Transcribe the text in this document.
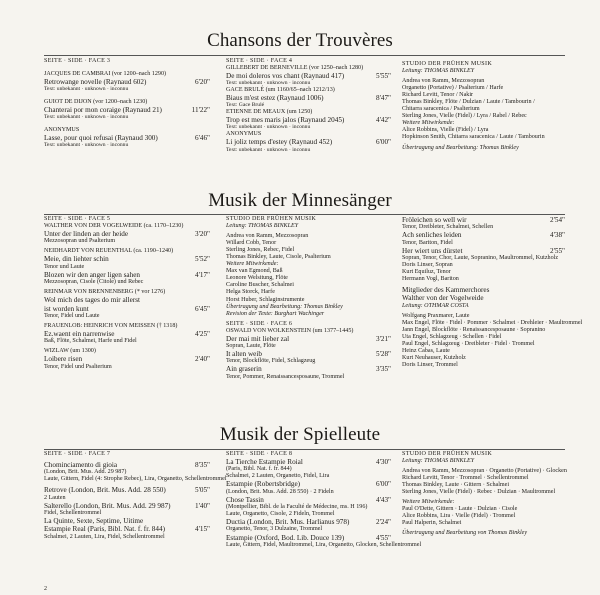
Chansons der Trouvères
SEITE · SIDE · FACE 3
JACQUES DE CAMBRAI (vor 1200–nach 1290)
Retrowange novelle (Raynaud 602)	6'20"
Text: unbekannt · unknown · inconnu
GUIOT DE DIJON (vor 1200–nach 1230)
Chanterai por mon coraige (Raynaud 21)	11'22"
Text: unbekannt · unknown · inconnu
ANONYMUS
Lasse, pour quoi refusai (Raynaud 300)	6'46"
Text: unbekannt · unknown · inconnu
SEITE · SIDE · FACE 4
GILLEBERT DE BERNEVILLE (vor 1250–nach 1280)
De moi doleros vos chant (Raynaud 417)	5'55"
Text: unbekannt · unknown · inconnu
GACE BRULÉ (um 1160/65–nach 1212/13)
Biaus m'est estez (Raynaud 1006)	8'47"
Text: Gace Brulé
ETIENNE DE MEAUX (um 1250)
Trop est mes maris jalos (Raynaud 2045)	4'42"
Text: unbekannt · unknown · inconnu
ANONYMUS
Li joliz temps d'estey (Raynaud 452)	6'00"
Text: unbekannt · unknown · inconnu
STUDIO DER FRÜHEN MUSIK
Leitung: THOMAS BINKLEY
Andrea von Ramm, Mezzosopran
Organetto (Portative) / Psalterium / Harfe
Richard Levitt, Tenor / Nakir
Thomas Binkley, Flöte / Dulzian / Laute / Tambourin /
Chitarra saracenica / Psalterium
Sterling Jones, Vielle (Fidel) / Lyra / Rabel / Rebec
Weitere Mitwirkende:
Alice Robbins, Vielle (Fidel) / Lyra
Hopkinson Smith, Chitarra saracenica / Laute / Tambourin
Übertragung und Bearbeitung: Thomas Binkley
Musik der Minnesänger
SEITE · SIDE · FACE 5
WALTHER VON DER VOGELWEIDE (ca. 1170–1230)
Unter der linden an der heide	3'20"
Mezzosopran und Psalterium
NEIDHARDT VON REUENTHAL (ca. 1190–1240)
Meie, din liehter schin	5'52"
Tenor und Laute
Blozen wir den anger ligen sahen	4'17"
Mezzosopran, Cisole (Citole) und Rebec
REINMAR VON BRENNENBERG (* vor 1276)
Wol mich des tages do mir allerst
ist worden kunt	6'45"
Tenor, Fidel und Laute
FRAUENLOB: HEINRICH VON MEISSEN († 1318)
Ez.waent ein narrenwise	4'25"
Baß, Flöte, Schalmei, Harfe und Fidel
WIZLAW (um 1300)
Loibere risen	2'40"
Tenor, Fidel und Psalterium
STUDIO DER FRÜHEN MUSIK
Leitung: THOMAS BINKLEY
Andrea von Ramm, Mezzosopran
Willard Cobb, Tenor
Sterling Jones, Rebec, Fidel
Thomas Binkley, Laute, Cisole, Psalterium
Weitere Mitwirkende:
Max van Egmond, Baß
Leonore Welsitung, Flöte
Caroline Buscher, Schalmei
Helga Storck, Harfe
Horst Huber, Schlaginstrumente
Übertragung und Bearbeitung: Thomas Binkley
Revision der Texte: Burghart Wachinger
SEITE · SIDE · FACE 6
OSWALD VON WOLKENSTEIN (um 1377–1445)
Der mai mit lieber zal	3'21"
Sopran, Laute, Flöte
It alten weib	5'28"
Tenor, Blockflöte, Fidel, Schlagzeug
Ain graserin	3'35"
Tenor, Pommer, Renaissancesposaune, Trommel
Fröleichen so well wir	2'54"
Tenor, Dreibleter, Schalmei, Schellen
Ach senliches leiden	4'38"
Tenor, Bariton, Fidel
Her wiert uns dürstet	2'55"
Sopran, Tenor, Chor, Laute, Sopranino, Maultrommel, Kutzholz
Doris Linser, Sopran
Kurt Equiluz, Tenor
Hermann Vogl, Bariton
Mitglieder des Kammerchores
Walther von der Vogelweide
Leitung: OTHMAR COSTA
Wolfgang Praxmarer, Laute
Max Engel, Flöte · Fidel · Pommer · Schalmei · Drehleier · Maultrommel
Jann Engel, Blockflöte · Renaissancesposaune · Sopranino
Uta Engel, Schlagzeug · Schellen · Fidel
Paul Engel, Schlagzeug · Dreibleter · Fidel · Trommel
Heinz Cabas, Laute
Kurt Neuhauser, Kutzholz
Doris Linser, Trommel
Musik der Spielleute
SEITE · SIDE · FACE 7
Chominciamento di gioia	8'35"
(London, Brit. Mus. Add. 29 987)
Laute, Gittern, Fidel (4: Strophe Rebec), Lira, Organetto, Schellentrommel
Retrove (London, Brit. Mus. Add. 28 550)	5'05"
2 Lauten
Salterello (London, Brit. Mus. Add. 29 987)	1'40"
Fidel, Schellentrommel
La Quinte, Sexte, Septime, Uitime
Estampie Real (Paris, Bibl. Nat. f. fr. 844)	4'15"
Schalmei, 2 Lauten, Lira, Fidel, Schellentrommel
SEITE · SIDE · FACE 8
La Tierche Estampie Roial	4'30"
(Paris, Bibl. Nat. f. fr. 844)
Schalmei, 2 Lauten, Organetto, Fidel, Lira
Estampie (Robertsbridge)	6'00"
(London, Brit. Mus. Add. 28 550) · 2 Fideln
Chose Tassin	4'43"
(Montpellier, Bibl. de la Faculté de Médecine, ms. H 196)
Laute, Organetto, Cisole, 2 Fideln, Trommel
Ductia (London, Brit. Mus. Harlianus 978)	2'24"
Organetto, Tenor, 3 Dulzaine, Trommel
Estampie (Oxford, Bod. Lib. Douce 139)	4'55"
Laute, Gittern, Fidel, Maultrommel, Lira, Organetto, Glocken, Schellentrommel
STUDIO DER FRÜHEN MUSIK
Leitung: THOMAS BINKLEY
Andrea von Ramm, Mezzosopran · Organetto (Portative) · Glocken
Richard Levitt, Tenor · Trommel · Schellentrommel
Thomas Binkley, Laute · Gittern · Schalmei
Sterling Jones, Vielle (Fidel) · Rebec · Dulzian · Maultrommel
Weitere Mitwirkende:
Paul O'Dette, Gittern · Laute · Dulzian · Cisole
Alice Robbins, Lira · Vielle (Fidel) · Trommel
Paul Halperin, Schalmei
Übertragung und Bearbeitung von Thomas Binkley
2
